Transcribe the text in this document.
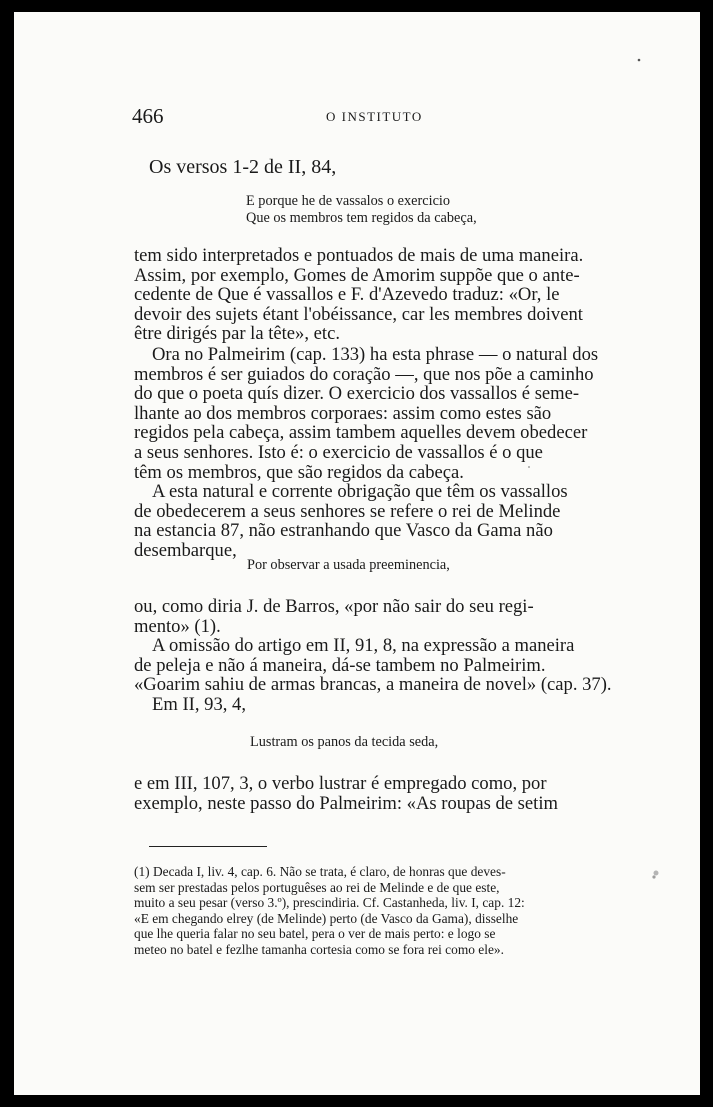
466	O INSTITUTO
Os versos 1-2 de II, 84,
E porque he de vassalos o exercicio
Que os membros tem regidos da cabeça,

tem sido interpretados e pontuados de mais de uma maneira.

Assim, por exemplo, Gomes de Amorim suppõe que o ante-

cedente de Que é vassallos e F. d'Azevedo traduz: «Or, le

devoir des sujets étant l'obéissance, car les membres doivent

être dirigés par la tête», etc.

Ora no Palmeirim (cap. 133) ha esta phrase — o natural dos

membros é ser guiados do coração —, que nos põe a caminho

do que o poeta quís dizer. O exercicio dos vassallos é seme-

lhante ao dos membros corporaes: assim como estes são

regidos pela cabeça, assim tambem aquelles devem obedecer

a seus senhores. Isto é: o exercicio de vassallos é o que

têm os membros, que são regidos da cabeça.

A esta natural e corrente obrigação que têm os vassallos

de obedecerem a seus senhores se refere o rei de Melinde

na estancia 87, não estranhando que Vasco da Gama não

desembarque,

Por observar a usada preeminencia,

ou, como diria J. de Barros, «por não sair do seu regi-

mento» (1).

A omissão do artigo em II, 91, 8, na expressão a maneira

de peleja e não á maneira, dá-se tambem no Palmeirim.

«Goarim sahiu de armas brancas, a maneira de novel» (cap. 37).

Em II, 93, 4,

Lustram os panos da tecida seda,

e em III, 107, 3, o verbo lustrar é empregado como, por

exemplo, neste passo do Palmeirim: «As roupas de setim

(1) Decada I, liv. 4, cap. 6. Não se trata, é claro, de honras que deves-

sem ser prestadas pelos portuguêses ao rei de Melinde e de que este,

muito a seu pesar (verso 3.º), prescindiria. Cf. Castanheda, liv. I, cap. 12:

«E em chegando elrey (de Melinde) perto (de Vasco da Gama), disselhe

que lhe queria falar no seu batel, pera o ver de mais perto: e logo se

meteo no batel e fezlhe tamanha cortesia como se fora rei como ele».
